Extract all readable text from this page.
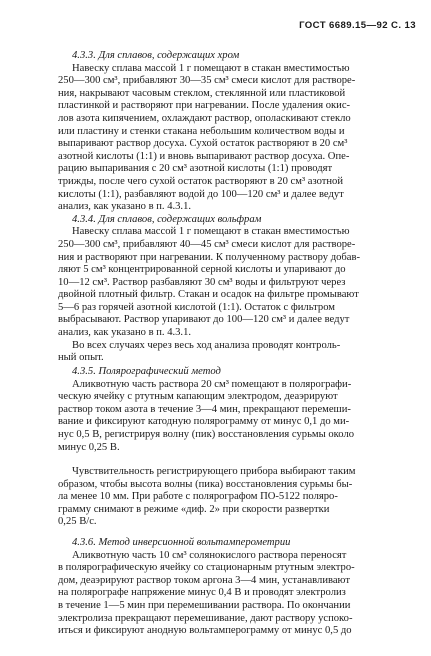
ГОСТ 6689.15—92 С. 13
4.3.3. Для сплавов, содержащих хром
Навеску сплава массой 1 г помещают в стакан вместимостью
250—300 см³, прибавляют 30—35 см³ смеси кислот для растворе-
ния, накрывают часовым стеклом, стеклянной или пластиковой
пластинкой и растворяют при нагревании. После удаления окис-
лов азота кипячением, охлаждают раствор, ополаскивают стекло
или пластину и стенки стакана небольшим количеством воды и
выпаривают раствор досуха. Сухой остаток растворяют в 20 см³
азотной кислоты (1:1) и вновь выпаривают раствор досуха. Опе-
рацию выпаривания с 20 см³ азотной кислоты (1:1) проводят
трижды, после чего сухой остаток растворяют в 20 см³ азотной
кислоты (1:1), разбавляют водой до 100—120 см³ и далее ведут
анализ, как указано в п. 4.3.1.
4.3.4. Для сплавов, содержащих вольфрам
Навеску сплава массой 1 г помещают в стакан вместимостью
250—300 см³, прибавляют 40—45 см³ смеси кислот для растворе-
ния и растворяют при нагревании. К полученному раствору добав-
ляют 5 см³ концентрированной серной кислоты и упаривают до
10—12 см³. Раствор разбавляют 30 см³ воды и фильтруют через
двойной плотный фильтр. Стакан и осадок на фильтре промывают
5—6 раз горячей азотной кислотой (1:1). Остаток с фильтром
выбрасывают. Раствор упаривают до 100—120 см³ и далее ведут
анализ, как указано в п. 4.3.1.
Во всех случаях через весь ход анализа проводят контроль-
ный опыт.
4.3.5. Полярографический метод
Аликвотную часть раствора 20 см³ помещают в полярографи-
ческую ячейку с ртутным капающим электродом, деаэрируют
раствор током азота в течение 3—4 мин, прекращают перемеши-
вание и фиксируют катодную полярограмму от минус 0,1 до ми-
нус 0,5 В, регистрируя волну (пик) восстановления сурьмы около
минус 0,25 В.
Чувствительность регистрирующего прибора выбирают таким
образом, чтобы высота волны (пика) восстановления сурьмы бы-
ла менее 10 мм. При работе с полярографом ПО-5122 поляро-
грамму снимают в режиме «диф. 2» при скорости развертки
0,25 В/с.
4.3.6. Метод инверсионной вольтамперометрии
Аликвотную часть 10 см³ солянокислого раствора переносят
в полярографическую ячейку со стационарным ртутным электро-
дом, деаэрируют раствор током аргона 3—4 мин, устанавливают
на полярографе напряжение минус 0,4 В и проводят электролиз
в течение 1—5 мин при перемешивании раствора. По окончании
электролиза прекращают перемешивание, дают раствору успоко-
иться и фиксируют анодную вольтамперограмму от минус 0,5 до
